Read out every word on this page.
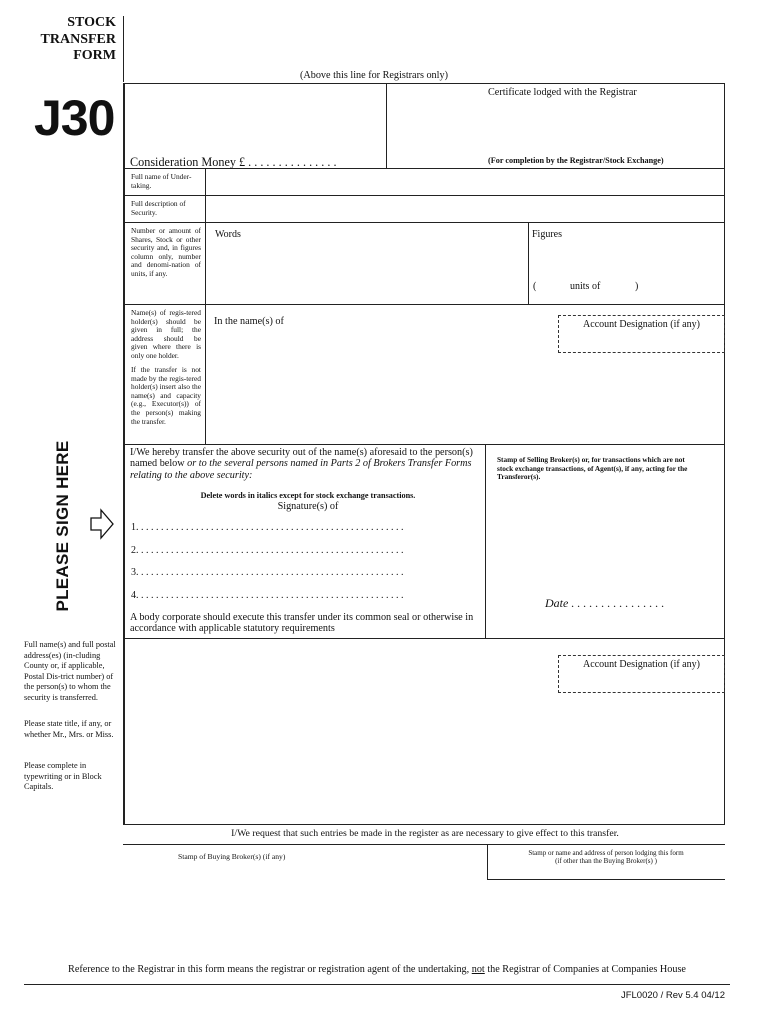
STOCK
TRANSFER
FORM
J30
(Above this line for Registrars only)
Certificate lodged with the Registrar
Consideration Money £ . . . . . . . . . . . . . . .	(For completion by the Registrar/Stock Exchange)
Full name of Under-taking.
Full description of Security.
Number or amount of Shares, Stock or other security and, in figures column only, number and denomi-nation of units, if any.
Words	Figures
(	units of	)
Name(s) of regis-tered holder(s) should be given in full; the address should be given where there is only one holder.
If the transfer is not made by the regis-tered holder(s) insert also the name(s) and capacity (e.g., Executor(s)) of the person(s) making the transfer.
In the name(s) of	Account Designation (if any)
PLEASE SIGN HERE	I/We hereby transfer the above security out of the name(s) aforesaid to the person(s) named below or to the several persons named in Parts 2 of Brokers Transfer Forms relating to the above security:
Delete words in italics except for stock exchange transactions.
Signature(s) of
1. . . . . . . . . . . . . . . . . . . . . . . . . . . . . . . . . . . . . . . . . . . . . . . . . . . . . .
2. . . . . . . . . . . . . . . . . . . . . . . . . . . . . . . . . . . . . . . . . . . . . . . . . . . . . .
3. . . . . . . . . . . . . . . . . . . . . . . . . . . . . . . . . . . . . . . . . . . . . . . . . . . . . .
4. . . . . . . . . . . . . . . . . . . . . . . . . . . . . . . . . . . . . . . . . . . . . . . . . . . . . .
A body corporate should execute this transfer under its common seal or otherwise in accordance with applicable statutory requirements
Stamp of Selling Broker(s) or, for transactions which are not stock exchange transactions, of Agent(s), if any, acting for the Transferor(s).
Date . . . . . . . . . . . . . . . .
Full name(s) and full postal address(es) (in-cluding County or, if applicable, Postal Dis-trict number) of the person(s) to whom the security is transferred.
Please state title, if any, or whether Mr., Mrs. or Miss.
Please complete in typewriting or in Block Capitals.
Account Designation (if any)
I/We request that such entries be made in the register as are necessary to give effect to this transfer.
Stamp of Buying Broker(s) (if any)	Stamp or name and address of person lodging this form
(if other than the Buying Broker(s) )
Reference to the Registrar in this form means the registrar or registration agent of the undertaking, not the Registrar of Companies at Companies House
JFL0020 / Rev 5.4 04/12
